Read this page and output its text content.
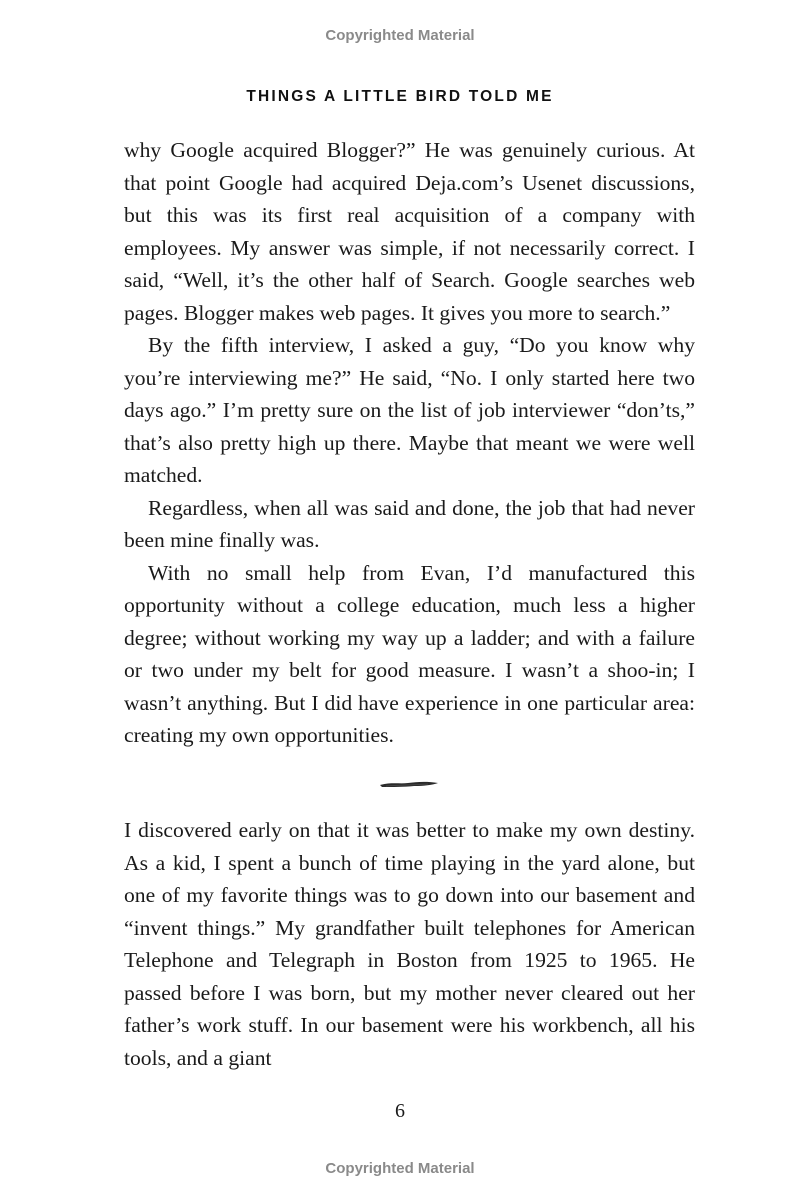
Copyrighted Material
THINGS A LITTLE BIRD TOLD ME

why Google acquired Blogger?” He was genuinely curious. At that point Google had acquired Deja.com’s Usenet discussions, but this was its first real acquisition of a company with employees. My answer was simple, if not necessarily correct. I said, “Well, it’s the other half of Search. Google searches web pages. Blogger makes web pages. It gives you more to search.”

By the fifth interview, I asked a guy, “Do you know why you’re interviewing me?” He said, “No. I only started here two days ago.” I’m pretty sure on the list of job interviewer “don’ts,” that’s also pretty high up there. Maybe that meant we were well matched.

Regardless, when all was said and done, the job that had never been mine finally was.

With no small help from Evan, I’d manufactured this opportunity without a college education, much less a higher degree; without working my way up a ladder; and with a failure or two under my belt for good measure. I wasn’t a shoo-in; I wasn’t anything. But I did have experience in one particular area: creating my own opportunities.

I discovered early on that it was better to make my own destiny. As a kid, I spent a bunch of time playing in the yard alone, but one of my favorite things was to go down into our basement and “invent things.” My grandfather built telephones for American Telephone and Telegraph in Boston from 1925 to 1965. He passed before I was born, but my mother never cleared out her father’s work stuff. In our basement were his workbench, all his tools, and a giant

6
Copyrighted Material
